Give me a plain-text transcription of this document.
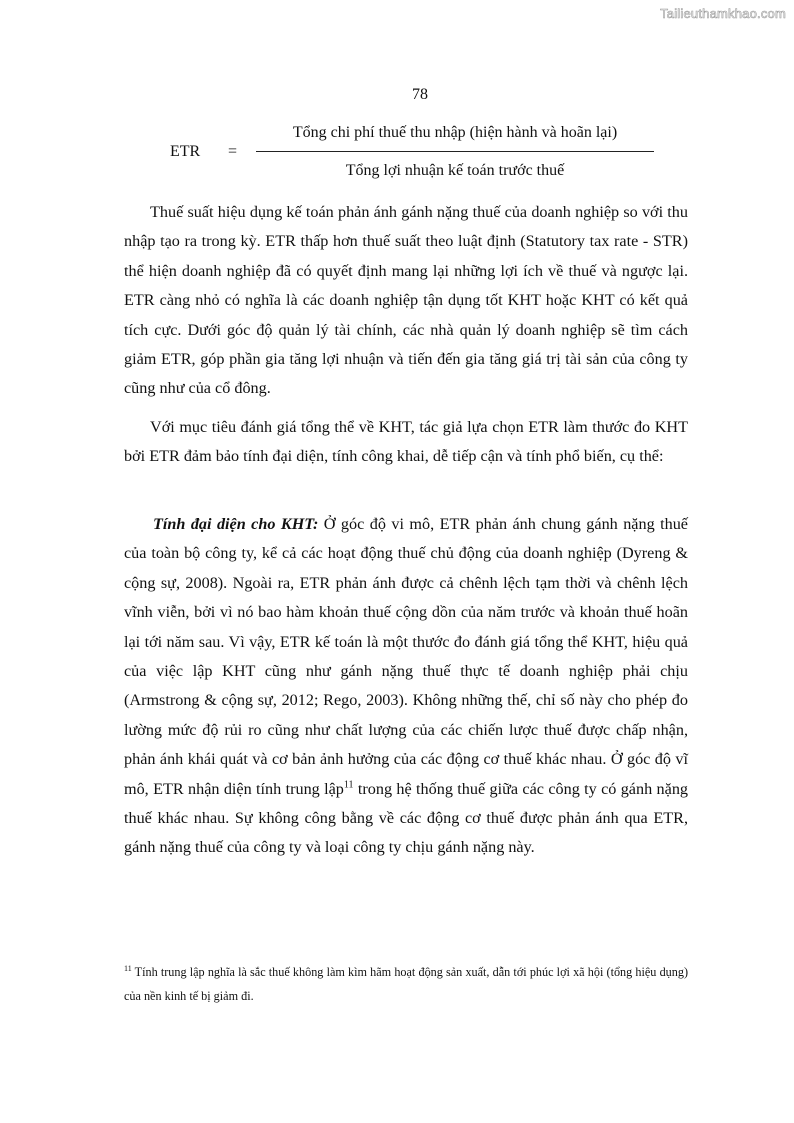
Tailieuthamkhao.com
78
ETR =
Tổng chi phí thuế thu nhập (hiện hành và hoãn lại)
Tổng lợi nhuận kế toán trước thuế

Thuế suất hiệu dụng kế toán phản ánh gánh nặng thuế của doanh nghiệp so với thu nhập tạo ra trong kỳ. ETR thấp hơn thuế suất theo luật định (Statutory tax rate - STR) thể hiện doanh nghiệp đã có quyết định mang lại những lợi ích về thuế và ngược lại. ETR càng nhỏ có nghĩa là các doanh nghiệp tận dụng tốt KHT hoặc KHT có kết quả tích cực. Dưới góc độ quản lý tài chính, các nhà quản lý doanh nghiệp sẽ tìm cách giảm ETR, góp phần gia tăng lợi nhuận và tiến đến gia tăng giá trị tài sản của công ty cũng như của cổ đông.

Với mục tiêu đánh giá tổng thể về KHT, tác giả lựa chọn ETR làm thước đo KHT bởi ETR đảm bảo tính đại diện, tính công khai, dễ tiếp cận và tính phổ biến, cụ thể:

Tính đại diện cho KHT: Ở góc độ vi mô, ETR phản ánh chung gánh nặng thuế của toàn bộ công ty, kể cả các hoạt động thuế chủ động của doanh nghiệp (Dyreng & cộng sự, 2008). Ngoài ra, ETR phản ánh được cả chênh lệch tạm thời và chênh lệch vĩnh viễn, bởi vì nó bao hàm khoản thuế cộng dồn của năm trước và khoản thuế hoãn lại tới năm sau. Vì vậy, ETR kế toán là một thước đo đánh giá tổng thể KHT, hiệu quả của việc lập KHT cũng như gánh nặng thuế thực tế doanh nghiệp phải chịu (Armstrong & cộng sự, 2012; Rego, 2003). Không những thế, chỉ số này cho phép đo lường mức độ rủi ro cũng như chất lượng của các chiến lược thuế được chấp nhận, phản ánh khái quát và cơ bản ảnh hưởng của các động cơ thuế khác nhau. Ở góc độ vĩ mô, ETR nhận diện tính trung lập$^{11}$ trong hệ thống thuế giữa các công ty có gánh nặng thuế khác nhau. Sự không công bằng về các động cơ thuế được phản ánh qua ETR, gánh nặng thuế của công ty và loại công ty chịu gánh nặng này.

$^{11}$ Tính trung lập nghĩa là sắc thuế không làm kìm hãm hoạt động sản xuất, dẫn tới phúc lợi xã hội (tổng hiệu dụng) của nền kinh tế bị giảm đi.
